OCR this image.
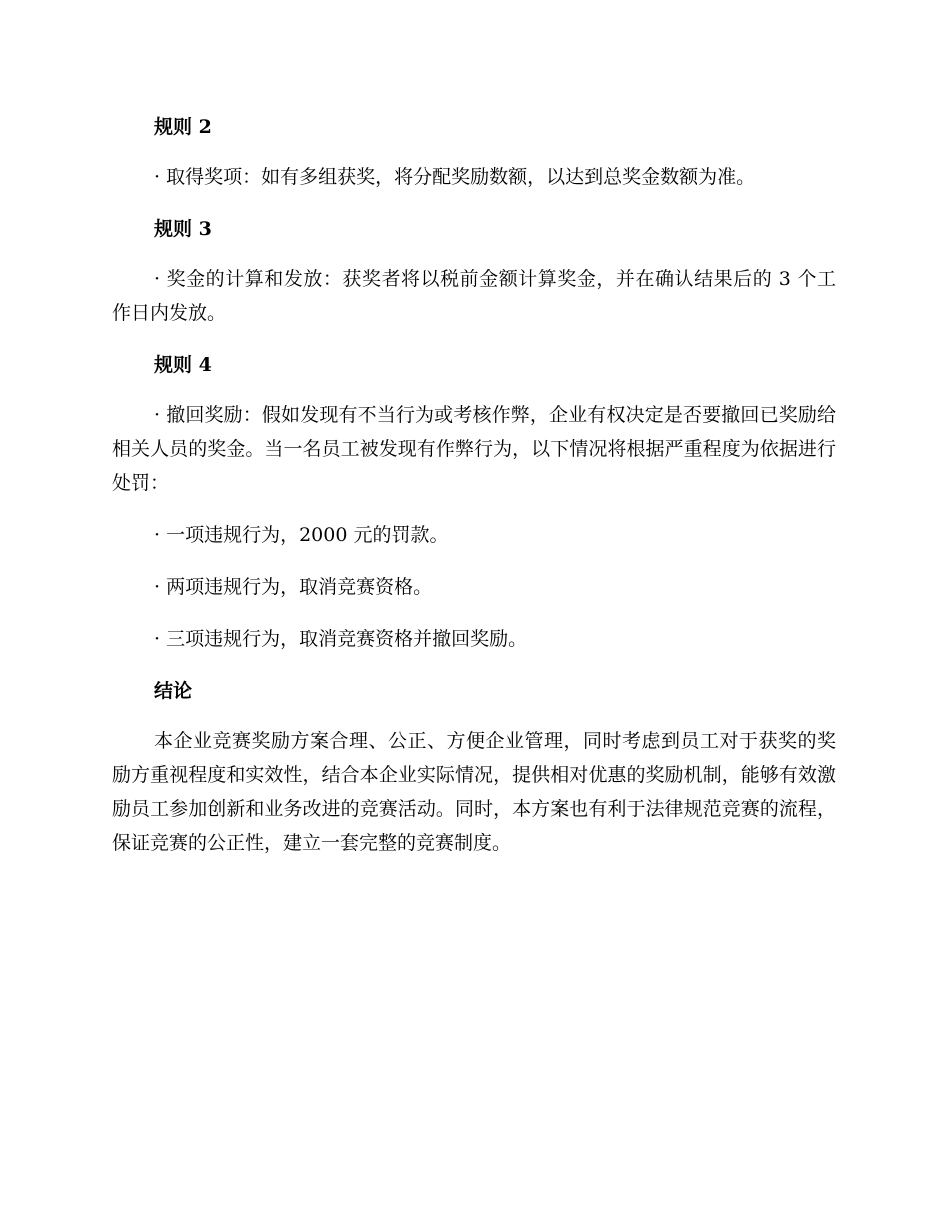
规则 2
· 取得奖项：如有多组获奖，将分配奖励数额，以达到总奖金数额为准。
规则 3
· 奖金的计算和发放：获奖者将以税前金额计算奖金，并在确认结果后的 3 个工作日内发放。
规则 4
· 撤回奖励：假如发现有不当行为或考核作弊，企业有权决定是否要撤回已奖励给相关人员的奖金。当一名员工被发现有作弊行为，以下情况将根据严重程度为依据进行处罚：
· 一项违规行为，2000 元的罚款。
· 两项违规行为，取消竞赛资格。
· 三项违规行为，取消竞赛资格并撤回奖励。
结论
本企业竞赛奖励方案合理、公正、方便企业管理，同时考虑到员工对于获奖的奖励方重视程度和实效性，结合本企业实际情况，提供相对优惠的奖励机制，能够有效激励员工参加创新和业务改进的竞赛活动。同时，本方案也有利于法律规范竞赛的流程，保证竞赛的公正性，建立一套完整的竞赛制度。
